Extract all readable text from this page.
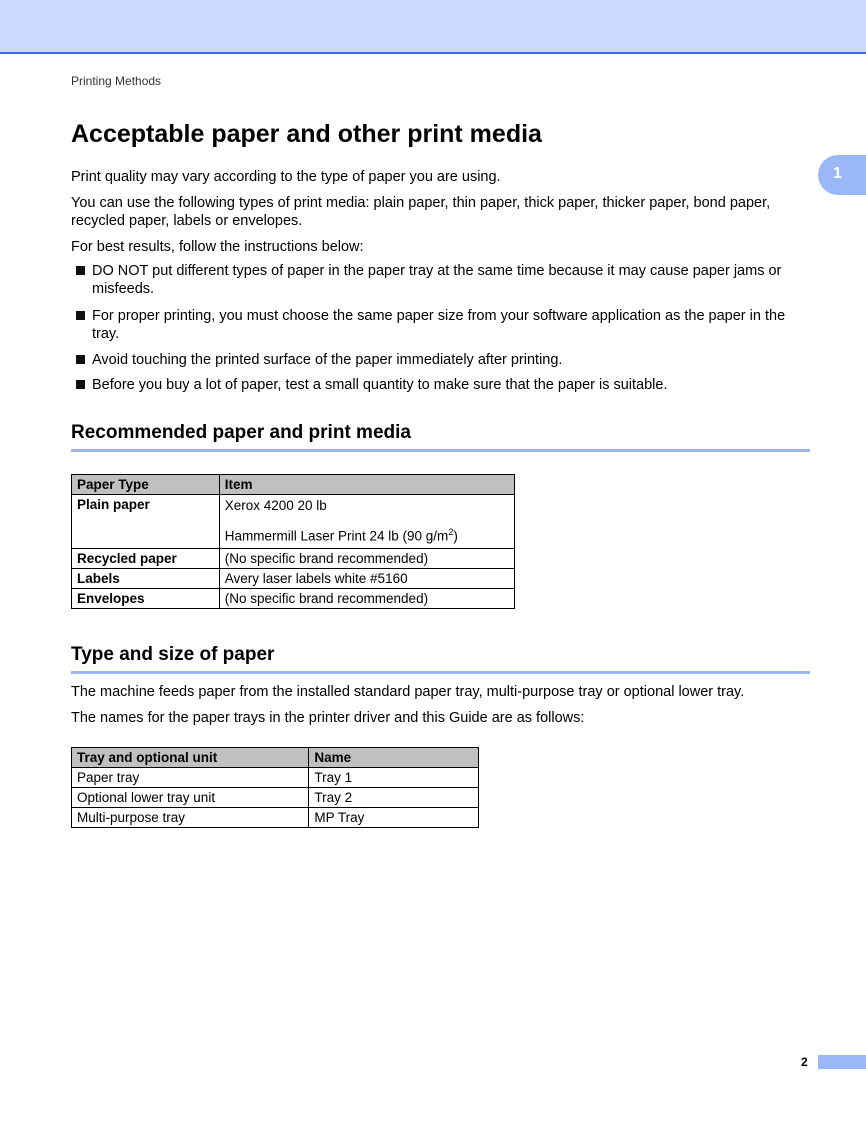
Printing Methods
1
Acceptable paper and other print media

Print quality may vary according to the type of paper you are using.

You can use the following types of print media: plain paper, thin paper, thick paper, thicker paper, bond paper, recycled paper, labels or envelopes.

For best results, follow the instructions below:

DO NOT put different types of paper in the paper tray at the same time because it may cause paper jams or misfeeds.
For proper printing, you must choose the same paper size from your software application as the paper in the tray.
Avoid touching the printed surface of the paper immediately after printing.
Before you buy a lot of paper, test a small quantity to make sure that the paper is suitable.
Recommended paper and print media
Paper Type	Item
Plain paper	Xerox 4200 20 lb
Hammermill Laser Print 24 lb (90 $g/m^2$)

Recycled paper	(No specific brand recommended)
Labels	Avery laser labels white #5160
Envelopes	(No specific brand recommended)
Type and size of paper

The machine feeds paper from the installed standard paper tray, multi-purpose tray or optional lower tray.

The names for the paper trays in the printer driver and this Guide are as follows:

Tray and optional unit	Name
Paper tray	Tray 1
Optional lower tray unit	Tray 2
Multi-purpose tray	MP Tray
2
